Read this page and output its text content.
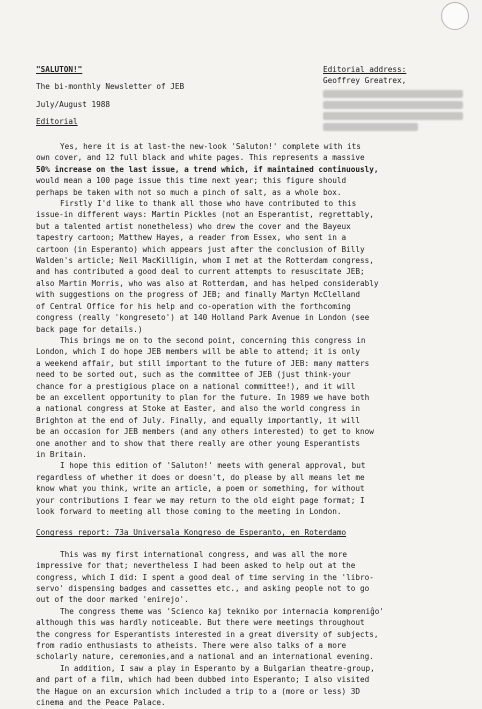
"SALUTON!"
The bi-monthly Newsletter of JEB
July/August 1988
Editorial
Editorial address:
Geoffrey Greatrex,
Yes, here it is at last-the new-look 'Saluton!' complete with its
own cover, and 12 full black and white pages. This represents a massive
50% increase on the last issue, a trend which, if maintained continuously,
would mean a 100 page issue this time next year; this figure should
perhaps be taken with not so much a pinch of salt, as a whole box.
Firstly I'd like to thank all those who have contributed to this
issue-in different ways: Martin Pickles (not an Esperantist, regrettably,
but a talented artist nonetheless) who drew the cover and the Bayeux
tapestry cartoon; Matthew Hayes, a reader from Essex, who sent in a
cartoon (in Esperanto) which appears just after the conclusion of Billy
Walden's article; Neil MacKilligin, whom I met at the Rotterdam congress,
and has contributed a good deal to current attempts to resuscitate JEB;
also Martin Morris, who was also at Rotterdam, and has helped considerably
with suggestions on the progress of JEB; and finally Martyn McClelland
of Central Office for his help and co-operation with the forthcoming
congress (really 'kongreseto') at 140 Holland Park Avenue in London (see
back page for details.)
This brings me on to the second point, concerning this congress in
London, which I do hope JEB members will be able to attend; it is only
a weekend affair, but still important to the future of JEB: many matters
need to be sorted out, such as the committee of JEB (just think-your
chance for a prestigious place on a national committee!), and it will
be an excellent opportunity to plan for the future. In 1989 we have both
a national congress at Stoke at Easter, and also the world congress in
Brighton at the end of July. Finally, and equally importantly, it will
be an occasion for JEB members (and any others interested) to get to know
one another and to show that there really are other young Esperantists
in Britain.
I hope this edition of 'Saluton!' meets with general approval, but
regardless of whether it does or doesn't, do please by all means let me
know what you think, write an article, a poem or something, for without
your contributions I fear we may return to the old eight page format; I
look forward to meeting all those coming to the meeting in London.
Congress report: 73a Universala Kongreso de Esperanto, en Roterdamo
This was my first international congress, and was all the more
impressive for that; nevertheless I had been asked to help out at the
congress, which I did: I spent a good deal of time serving in the 'libro-
servo' dispensing badges and cassettes etc., and asking people not to go
out of the door marked 'enirejo'.
The congress theme was 'Scienco kaj tekniko por internacia kompreniĝo'
although this was hardly noticeable. But there were meetings throughout
the congress for Esperantists interested in a great diversity of subjects,
from radio enthusiasts to atheists. There were also talks of a more
scholarly nature, ceremonies,and a national and an international evening.
In addition, I saw a play in Esperanto by a Bulgarian theatre-group,
and part of a film, which had been dubbed into Esperanto; I also visited
the Hague on an excursion which included a trip to a (more or less) 3D
cinema and the Peace Palace.
